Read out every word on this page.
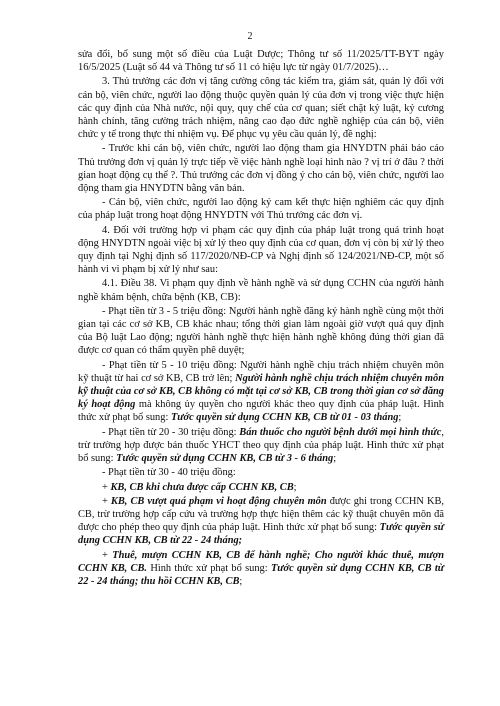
2

sửa đổi, bổ sung một số điều của Luật Dược; Thông tư số 11/2025/TT-BYT ngày 16/5/2025 (Luật số 44 và Thông tư số 11 có hiệu lực từ ngày 01/7/2025)…

3. Thủ trưởng các đơn vị tăng cường công tác kiểm tra, giám sát, quản lý đối với cán bộ, viên chức, người lao động thuộc quyền quản lý của đơn vị trong việc thực hiện các quy định của Nhà nước, nội quy, quy chế của cơ quan; siết chặt kỷ luật, kỷ cương hành chính, tăng cường trách nhiệm, nâng cao đạo đức nghề nghiệp của cán bộ, viên chức y tế trong thực thi nhiệm vụ. Để phục vụ yêu cầu quản lý, đề nghị:

- Trước khi cán bộ, viên chức, người lao động tham gia HNYDTN phải báo cáo Thủ trưởng đơn vị quản lý trực tiếp về việc hành nghề loại hình nào ? vị trí ở đâu ? thời gian hoạt động cụ thể ?. Thủ trưởng các đơn vị đồng ý cho cán bộ, viên chức, người lao động tham gia HNYDTN bằng văn bản.

- Cán bộ, viên chức, người lao động ký cam kết thực hiện nghiêm các quy định của pháp luật trong hoạt động HNYDTN với Thủ trưởng các đơn vị.

4. Đối với trường hợp vi phạm các quy định của pháp luật trong quá trình hoạt động HNYDTN ngoài việc bị xử lý theo quy định của cơ quan, đơn vị còn bị xử lý theo quy định tại Nghị định số 117/2020/NĐ-CP và Nghị định số 124/2021/NĐ-CP, một số hành vi vi phạm bị xử lý như sau:

4.1. Điều 38. Vi phạm quy định về hành nghề và sử dụng CCHN của người hành nghề khám bệnh, chữa bệnh (KB, CB):

- Phạt tiền từ 3 - 5 triệu đồng: Người hành nghề đăng ký hành nghề cùng một thời gian tại các cơ sở KB, CB khác nhau; tổng thời gian làm ngoài giờ vượt quá quy định của Bộ luật Lao động; người hành nghề thực hiện hành nghề không đúng thời gian đã được cơ quan có thẩm quyền phê duyệt;

- Phạt tiền từ 5 - 10 triệu đồng: Người hành nghề chịu trách nhiệm chuyên môn kỹ thuật từ hai cơ sở KB, CB trở lên; Người hành nghề chịu trách nhiệm chuyên môn kỹ thuật của cơ sở KB, CB không có mặt tại cơ sở KB, CB trong thời gian cơ sở đăng ký hoạt động mà không ủy quyền cho người khác theo quy định của pháp luật. Hình thức xử phạt bổ sung: Tước quyền sử dụng CCHN KB, CB từ 01 - 03 tháng;

- Phạt tiền từ 20 - 30 triệu đồng: Bán thuốc cho người bệnh dưới mọi hình thức, trừ trường hợp được bán thuốc YHCT theo quy định của pháp luật. Hình thức xử phạt bổ sung: Tước quyền sử dụng CCHN KB, CB từ 3 - 6 tháng;

- Phạt tiền từ 30 - 40 triệu đồng:

+ KB, CB khi chưa được cấp CCHN KB, CB;

+ KB, CB vượt quá phạm vi hoạt động chuyên môn được ghi trong CCHN KB, CB, trừ trường hợp cấp cứu và trường hợp thực hiện thêm các kỹ thuật chuyên môn đã được cho phép theo quy định của pháp luật. Hình thức xử phạt bổ sung: Tước quyền sử dụng CCHN KB, CB từ 22 - 24 tháng;

+ Thuê, mượn CCHN KB, CB để hành nghề; Cho người khác thuê, mượn CCHN KB, CB. Hình thức xử phạt bổ sung: Tước quyền sử dụng CCHN KB, CB từ 22 - 24 tháng; thu hồi CCHN KB, CB;
